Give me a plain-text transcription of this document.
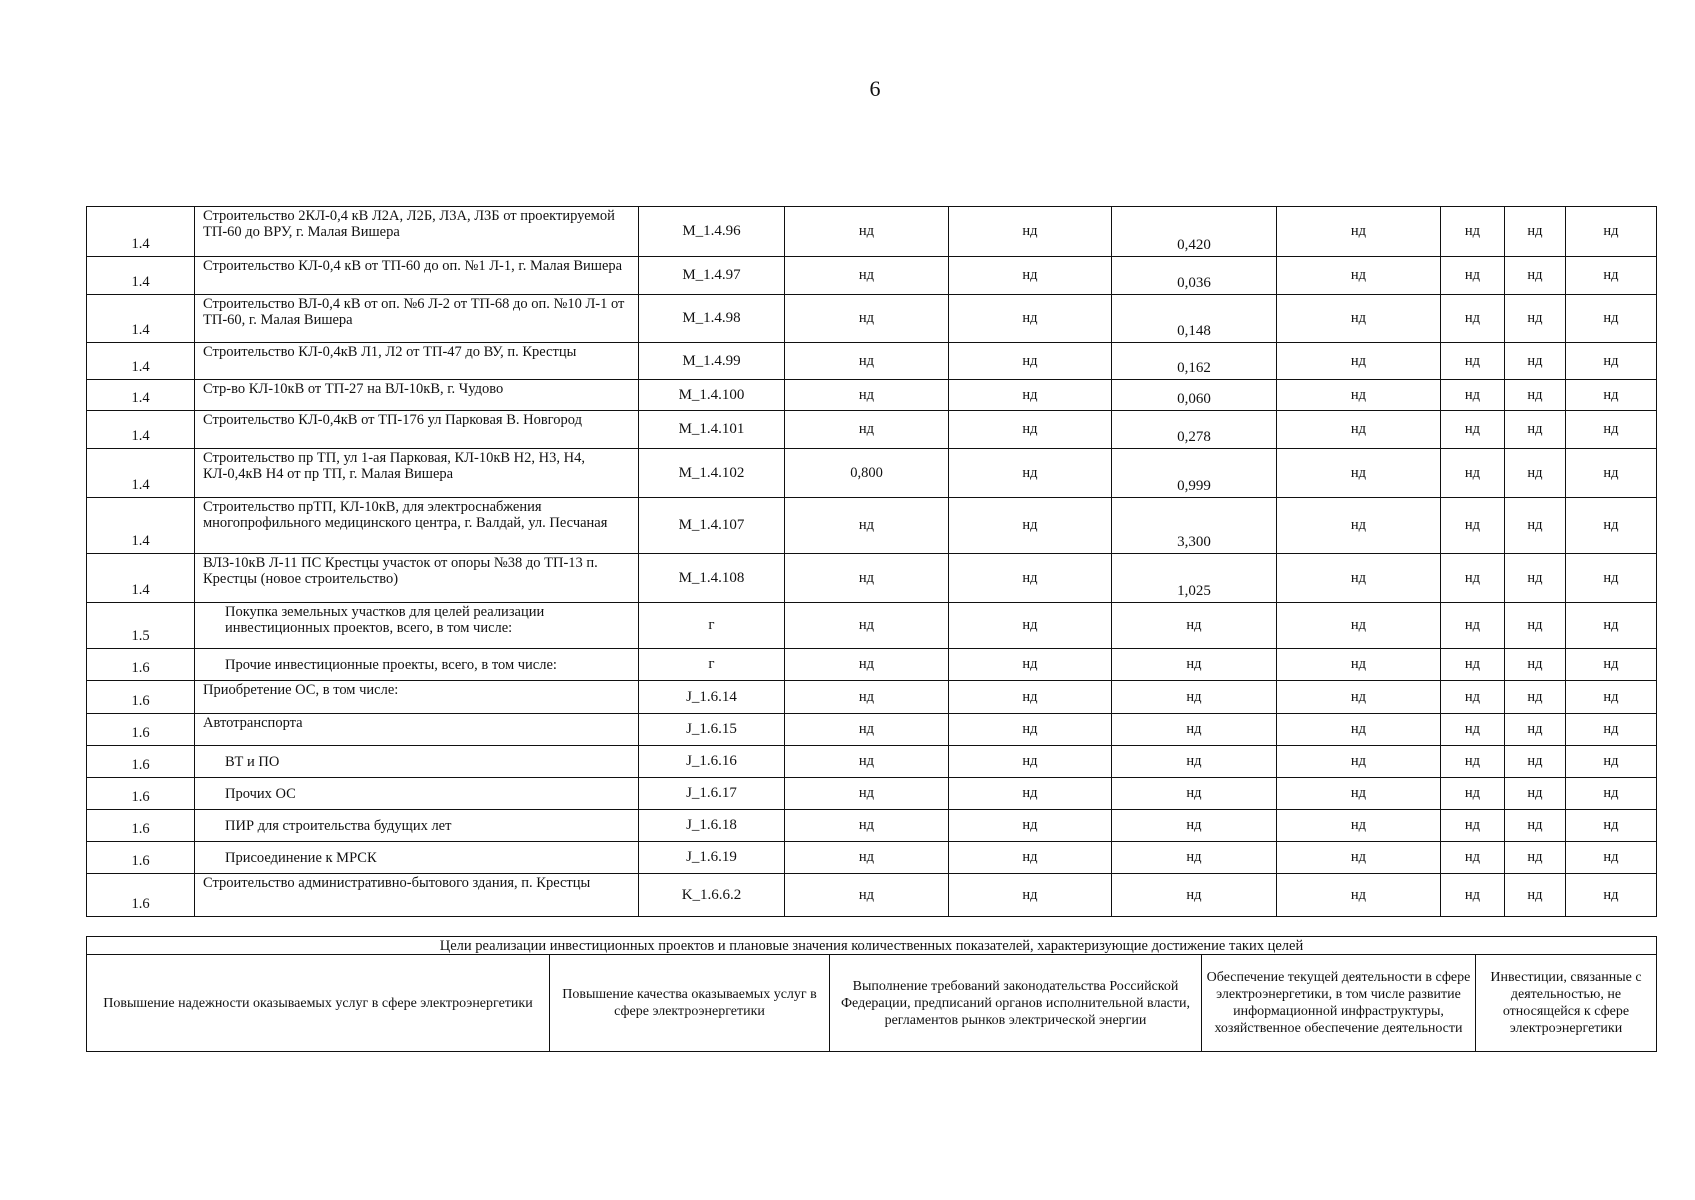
6
1.4	Строительство 2КЛ-0,4 кВ Л2А, Л2Б, Л3А, Л3Б от проектируемой ТП-60 до ВРУ, г. Малая Вишера	М_1.4.96	нд	нд	0,420	нд	нд	нд	нд
1.4	Строительство КЛ-0,4 кВ от ТП-60 до оп. №1 Л-1, г. Малая Вишера	М_1.4.97	нд	нд	0,036	нд	нд	нд	нд
1.4	Строительство ВЛ-0,4 кВ от оп. №6 Л-2 от ТП-68 до оп. №10 Л-1 от ТП-60, г. Малая Вишера	М_1.4.98	нд	нд	0,148	нд	нд	нд	нд
1.4	Строительство КЛ-0,4кВ Л1, Л2 от ТП-47 до ВУ, п. Крестцы	М_1.4.99	нд	нд	0,162	нд	нд	нд	нд
1.4	Стр-во КЛ-10кВ от ТП-27 на ВЛ-10кВ, г. Чудово	М_1.4.100	нд	нд	0,060	нд	нд	нд	нд
1.4	Строительство КЛ-0,4кВ от ТП-176 ул Парковая В. Новгород	М_1.4.101	нд	нд	0,278	нд	нд	нд	нд
1.4	Строительство пр ТП, ул 1-ая Парковая, КЛ-10кВ Н2, Н3, Н4, КЛ-0,4кВ Н4 от пр ТП, г. Малая Вишера	М_1.4.102	0,800	нд	0,999	нд	нд	нд	нд
1.4	Строительство прТП, КЛ-10кВ, для электроснабжения многопрофильного медицинского центра, г. Валдай, ул. Песчаная	М_1.4.107	нд	нд	3,300	нд	нд	нд	нд
1.4	ВЛЗ-10кВ Л-11 ПС Крестцы участок от опоры №38 до ТП-13 п. Крестцы (новое строительство)	М_1.4.108	нд	нд	1,025	нд	нд	нд	нд
1.5	Покупка земельных участков для целей реализации инвестиционных проектов, всего, в том числе:	г	нд	нд	нд	нд	нд	нд	нд
1.6	Прочие инвестиционные проекты, всего, в том числе:	г	нд	нд	нд	нд	нд	нд	нд
1.6	Приобретение ОС, в том числе:	J_1.6.14	нд	нд	нд	нд	нд	нд	нд
1.6	Автотранспорта	J_1.6.15	нд	нд	нд	нд	нд	нд	нд
1.6	ВТ и ПО	J_1.6.16	нд	нд	нд	нд	нд	нд	нд
1.6	Прочих ОС	J_1.6.17	нд	нд	нд	нд	нд	нд	нд
1.6	ПИР для строительства будущих лет	J_1.6.18	нд	нд	нд	нд	нд	нд	нд
1.6	Присоединение к МРСК	J_1.6.19	нд	нд	нд	нд	нд	нд	нд
1.6	Строительство административно-бытового здания, п. Крестцы	K_1.6.6.2	нд	нд	нд	нд	нд	нд	нд
Цели реализации инвестиционных проектов и плановые значения количественных показателей, характеризующие достижение таких целей
Повышение надежности оказываемых услуг в сфере электроэнергетики	Повышение качества оказываемых услуг в сфере электроэнергетики	Выполнение требований законодательства Российской Федерации, предписаний органов исполнительной власти, регламентов рынков электрической энергии	Обеспечение текущей деятельности в сфере электроэнергетики, в том числе развитие информационной инфраструктуры, хозяйственное обеспечение деятельности	Инвестиции, связанные с деятельностью, не относящейся к сфере электроэнергетики
